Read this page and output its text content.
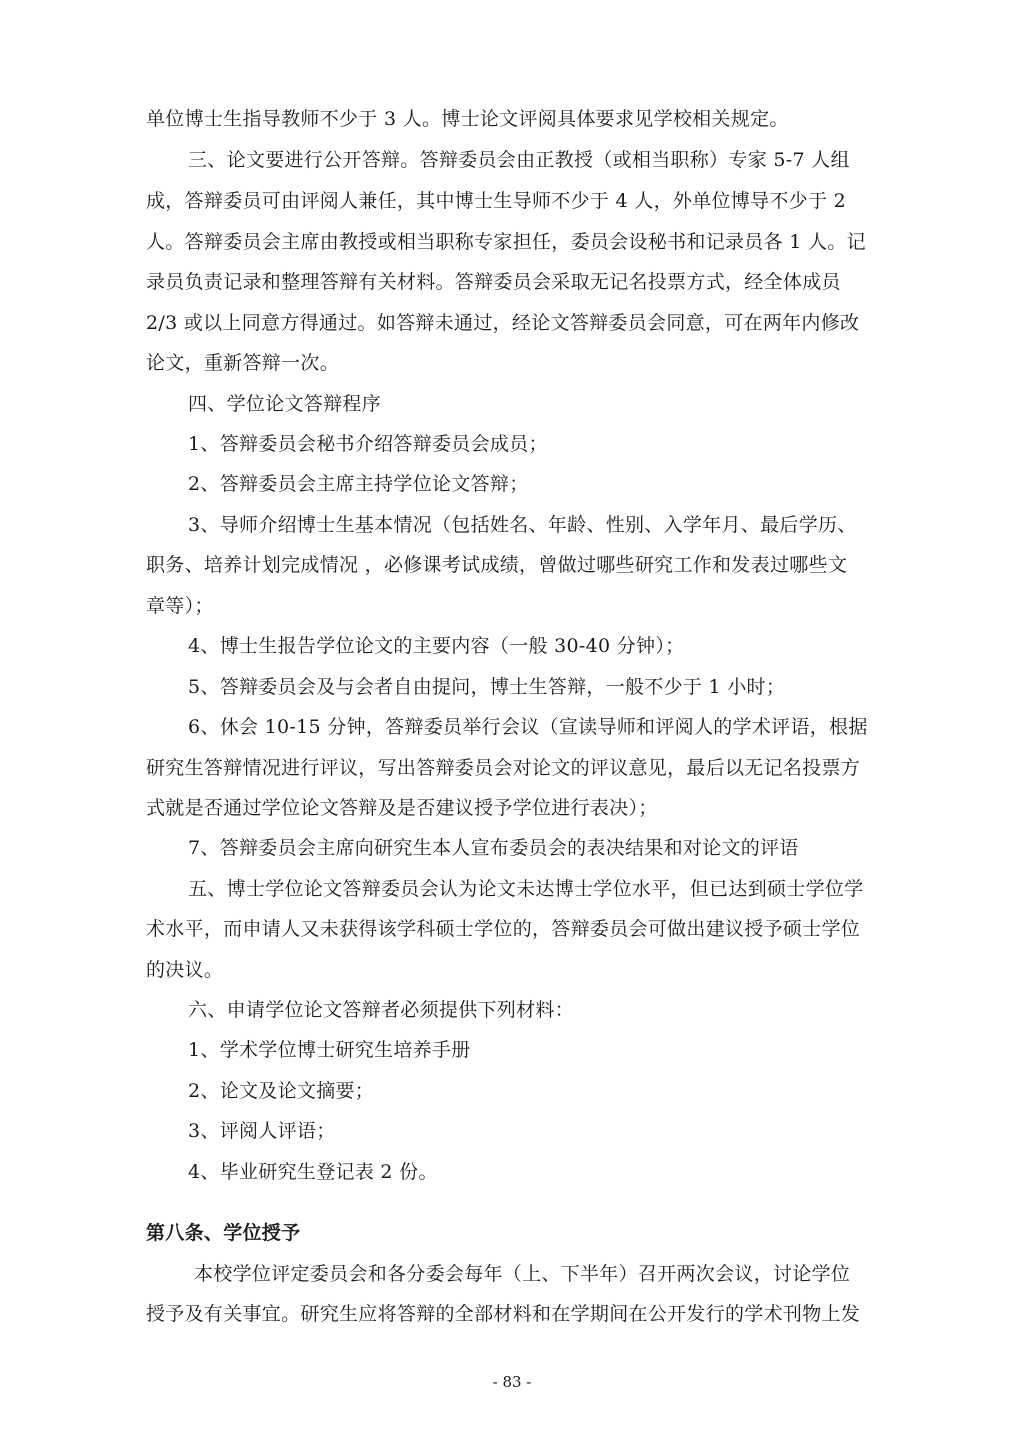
单位博士生指导教师不少于 3 人。博士论文评阅具体要求见学校相关规定。
三、论文要进行公开答辩。答辩委员会由正教授（或相当职称）专家 5-7 人组
成，答辩委员可由评阅人兼任，其中博士生导师不少于 4 人，外单位博导不少于 2
人。答辩委员会主席由教授或相当职称专家担任，委员会设秘书和记录员各 1 人。记
录员负责记录和整理答辩有关材料。答辩委员会采取无记名投票方式，经全体成员
2/3 或以上同意方得通过。如答辩未通过，经论文答辩委员会同意，可在两年内修改
论文，重新答辩一次。
四、学位论文答辩程序
1、答辩委员会秘书介绍答辩委员会成员；
2、答辩委员会主席主持学位论文答辩；
3、导师介绍博士生基本情况（包括姓名、年龄、性别、入学年月、最后学历、
职务、培养计划完成情况 ，必修课考试成绩，曾做过哪些研究工作和发表过哪些文
章等）；
4、博士生报告学位论文的主要内容（一般 30-40 分钟）；
5、答辩委员会及与会者自由提问，博士生答辩，一般不少于 1 小时；
6、休会 10-15 分钟，答辩委员举行会议（宣读导师和评阅人的学术评语，根据
研究生答辩情况进行评议，写出答辩委员会对论文的评议意见，最后以无记名投票方
式就是否通过学位论文答辩及是否建议授予学位进行表决）；
7、答辩委员会主席向研究生本人宣布委员会的表决结果和对论文的评语
五、博士学位论文答辩委员会认为论文未达博士学位水平，但已达到硕士学位学
术水平，而申请人又未获得该学科硕士学位的，答辩委员会可做出建议授予硕士学位
的决议。
六、申请学位论文答辩者必须提供下列材料：
1、学术学位博士研究生培养手册
2、论文及论文摘要；
3、评阅人评语；
4、毕业研究生登记表 2 份。
第八条、学位授予
本校学位评定委员会和各分委会每年（上、下半年）召开两次会议，讨论学位
授予及有关事宜。研究生应将答辩的全部材料和在学期间在公开发行的学术刊物上发
- 83 -
